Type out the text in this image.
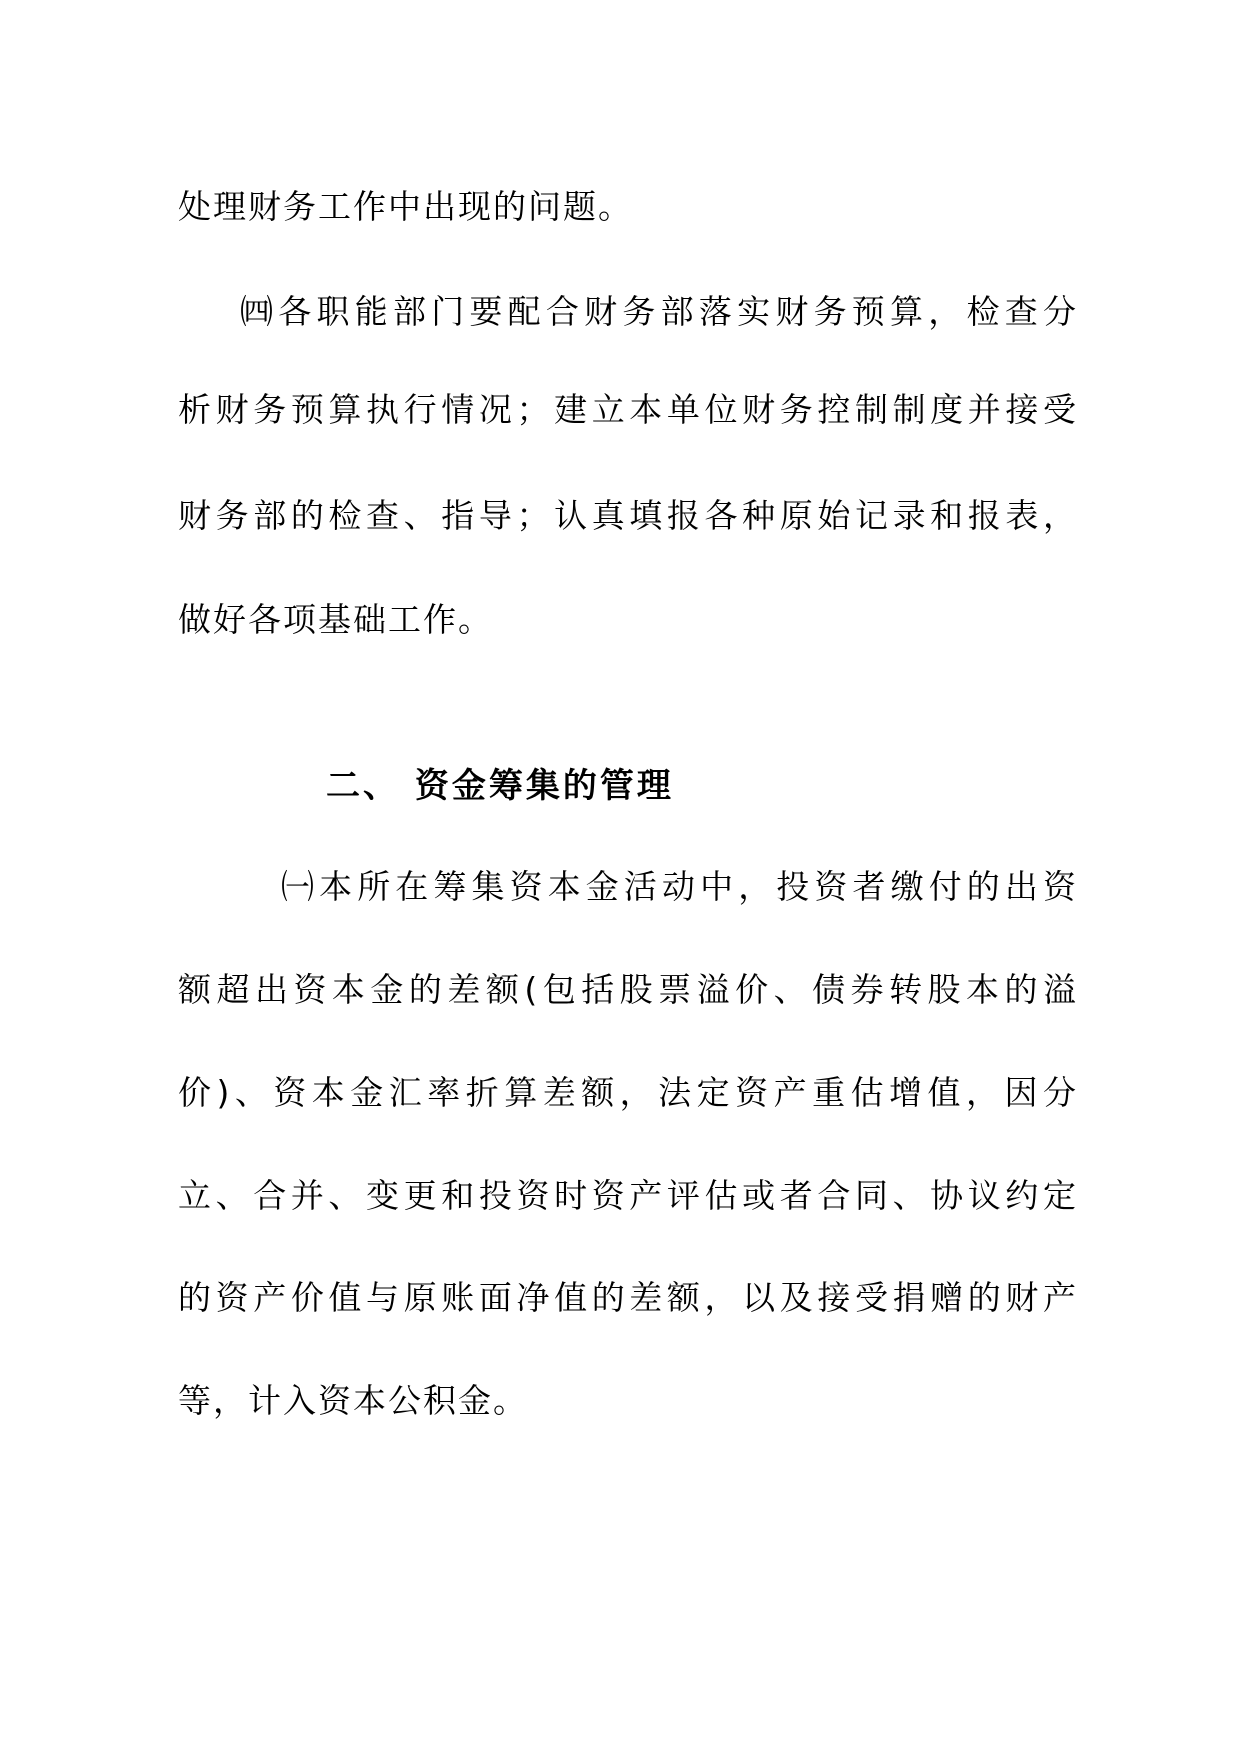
处理财务工作中出现的问题。
㈣各职能部门要配合财务部落实财务预算，检查分
析财务预算执行情况；建立本单位财务控制制度并接受
财务部的检查、指导；认真填报各种原始记录和报表，
做好各项基础工作。
二、 资金筹集的管理
㈠本所在筹集资本金活动中，投资者缴付的出资
额超出资本金的差额(包括股票溢价、债券转股本的溢
价)、资本金汇率折算差额，法定资产重估增值，因分
立、合并、变更和投资时资产评估或者合同、协议约定
的资产价值与原账面净值的差额，以及接受捐赠的财产
等，计入资本公积金。
